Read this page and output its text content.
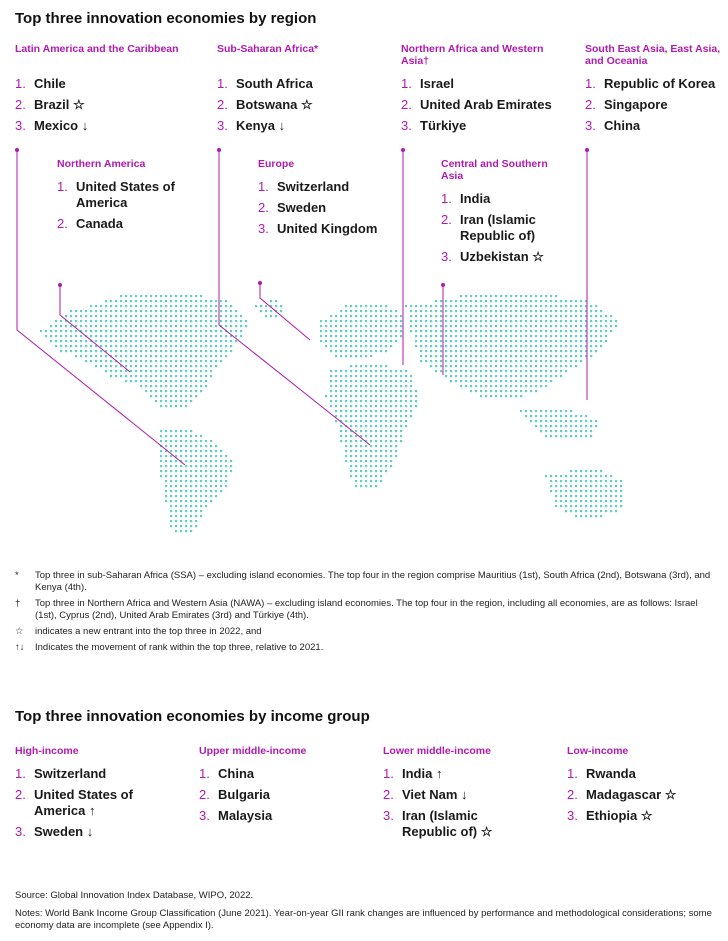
Top three innovation economies by region
Latin America and the Caribbean
1. Chile
2. Brazil ☆
3. Mexico ↓
Sub-Saharan Africa*
1. South Africa
2. Botswana ☆
3. Kenya ↓
Northern Africa and Western Asia†
1. Israel
2. United Arab Emirates
3. Türkiye
South East Asia, East Asia, and Oceania
1. Republic of Korea
2. Singapore
3. China
Northern America
1. United States of America
2. Canada
Europe
1. Switzerland
2. Sweden
3. United Kingdom
Central and Southern Asia
1. India
2. Iran (Islamic Republic of)
3. Uzbekistan ☆
*	Top three in sub-Saharan Africa (SSA) – excluding island economies. The top four in the region comprise Mauritius (1st), South Africa (2nd), Botswana (3rd), and Kenya (4th).
†	Top three in Northern Africa and Western Asia (NAWA) – excluding island economies. The top four in the region, including all economies, are as follows: Israel (1st), Cyprus (2nd), United Arab Emirates (3rd) and Türkiye (4th).
☆	indicates a new entrant into the top three in 2022, and
↑↓	Indicates the movement of rank within the top three, relative to 2021.
Top three innovation economies by income group
High-income
1. Switzerland
2. United States of America ↑
3. Sweden ↓
Upper middle-income
1. China
2. Bulgaria
3. Malaysia
Lower middle-income
1. India ↑
2. Viet Nam ↓
3. Iran (Islamic Republic of) ☆
Low-income
1. Rwanda
2. Madagascar ☆
3. Ethiopia ☆
Source: Global Innovation Index Database, WIPO, 2022.
Notes: World Bank Income Group Classification (June 2021). Year-on-year GII rank changes are influenced by performance and methodological considerations; some economy data are incomplete (see Appendix I).
